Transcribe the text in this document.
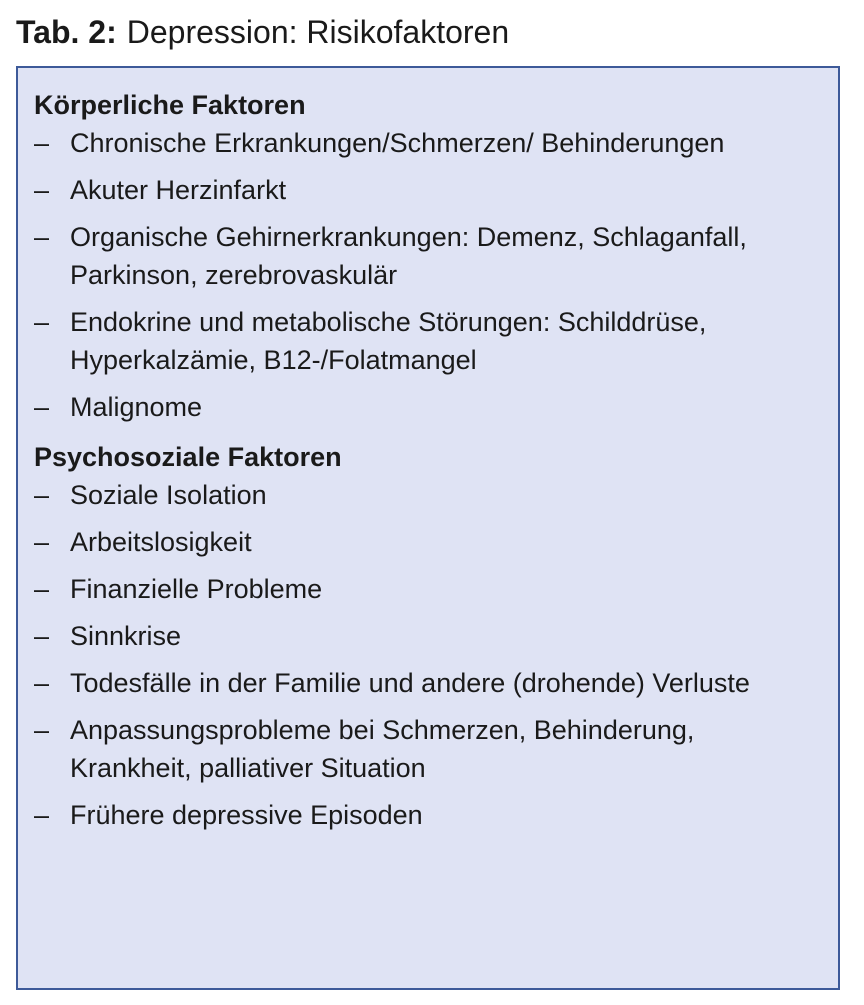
Tab. 2: Depression: Risikofaktoren
Körperliche Faktoren
– Chronische Erkrankungen/Schmerzen/ Behinderungen
– Akuter Herzinfarkt
– Organische Gehirnerkrankungen: Demenz, Schlaganfall, Parkinson, zerebrovaskulär
– Endokrine und metabolische Störungen: Schilddrüse, Hyperkalzämie, B12-/Folatmangel
– Malignome
Psychosoziale Faktoren
– Soziale Isolation
– Arbeitslosigkeit
– Finanzielle Probleme
– Sinnkrise
– Todesfälle in der Familie und andere (drohende) Verluste
– Anpassungsprobleme bei Schmerzen, Behinderung, Krankheit, palliativer Situation
– Frühere depressive Episoden
